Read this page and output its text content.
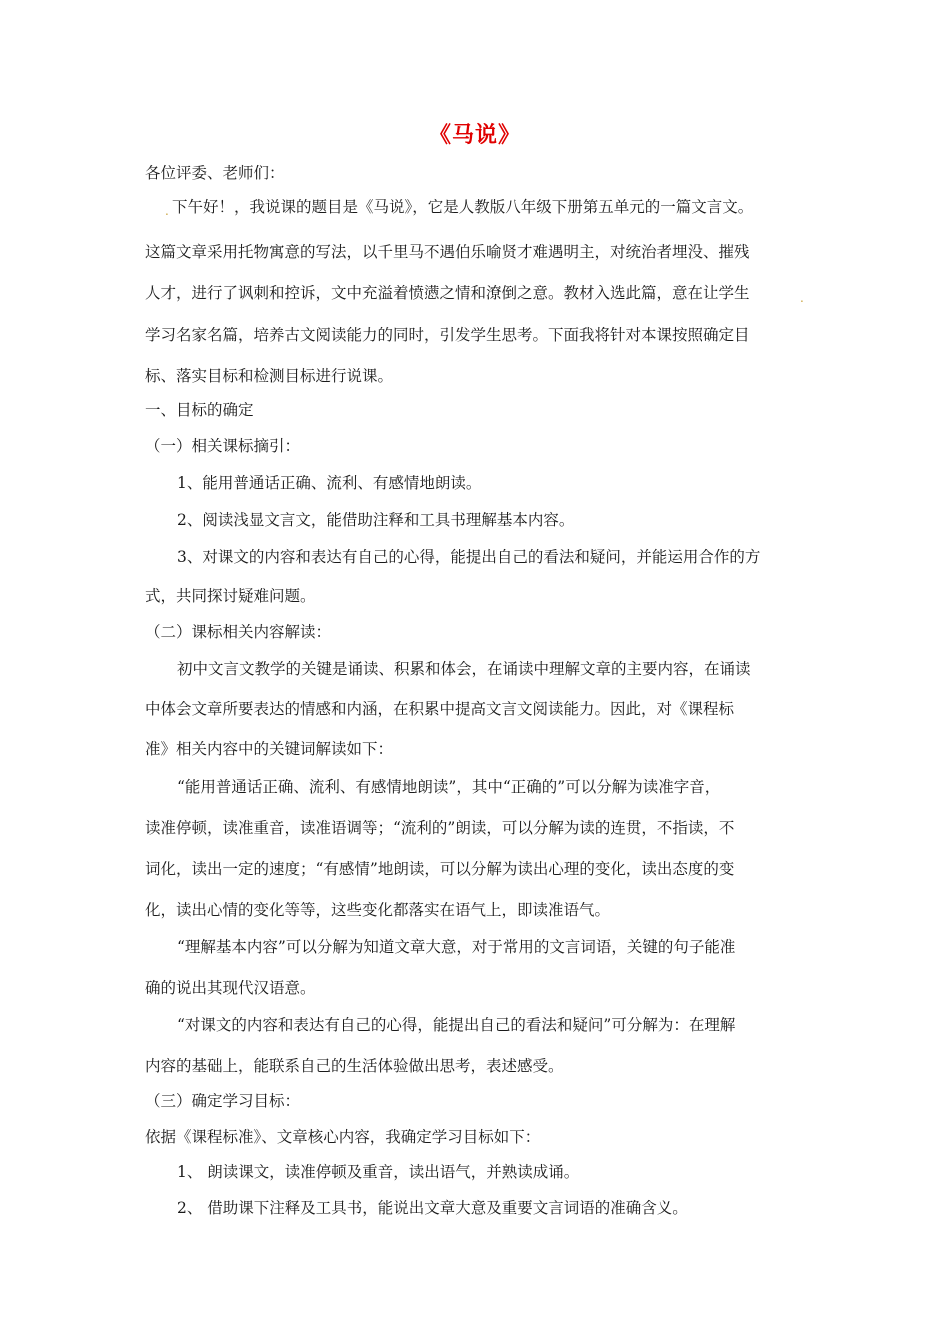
《马说》
各位评委、老师们：
. 下午好！，我说课的题目是《马说》，它是人教版八年级下册第五单元的一篇文言文。
这篇文章采用托物寓意的写法，以千里马不遇伯乐喻贤才难遇明主，对统治者埋没、摧残
人才，进行了讽刺和控诉，文中充溢着愤懑之情和潦倒之意。教材入选此篇，意在让学生	.
学习名家名篇，培养古文阅读能力的同时，引发学生思考。下面我将针对本课按照确定目
标、落实目标和检测目标进行说课。
一、目标的确定
（一）相关课标摘引：
1、能用普通话正确、流利、有感情地朗读。
2、阅读浅显文言文，能借助注释和工具书理解基本内容。
3、对课文的内容和表达有自己的心得，能提出自己的看法和疑问，并能运用合作的方
式，共同探讨疑难问题。
（二）课标相关内容解读：
初中文言文教学的关键是诵读、积累和体会，在诵读中理解文章的主要内容，在诵读
中体会文章所要表达的情感和内涵，在积累中提高文言文阅读能力。因此，对《课程标
准》相关内容中的关键词解读如下：
“能用普通话正确、流利、有感情地朗读”，其中“正确的”可以分解为读准字音，
读准停顿，读准重音，读准语调等；“流利的”朗读，可以分解为读的连贯，不指读，不
词化，读出一定的速度；“有感情”地朗读，可以分解为读出心理的变化，读出态度的变
化，读出心情的变化等等，这些变化都落实在语气上，即读准语气。
“理解基本内容”可以分解为知道文章大意，对于常用的文言词语，关键的句子能准
确的说出其现代汉语意。
“对课文的内容和表达有自己的心得，能提出自己的看法和疑问”可分解为：在理解
内容的基础上，能联系自己的生活体验做出思考，表述感受。
（三）确定学习目标：
依据《课程标准》、文章核心内容，我确定学习目标如下：
1、 朗读课文，读准停顿及重音，读出语气，并熟读成诵。
2、 借助课下注释及工具书，能说出文章大意及重要文言词语的准确含义。
